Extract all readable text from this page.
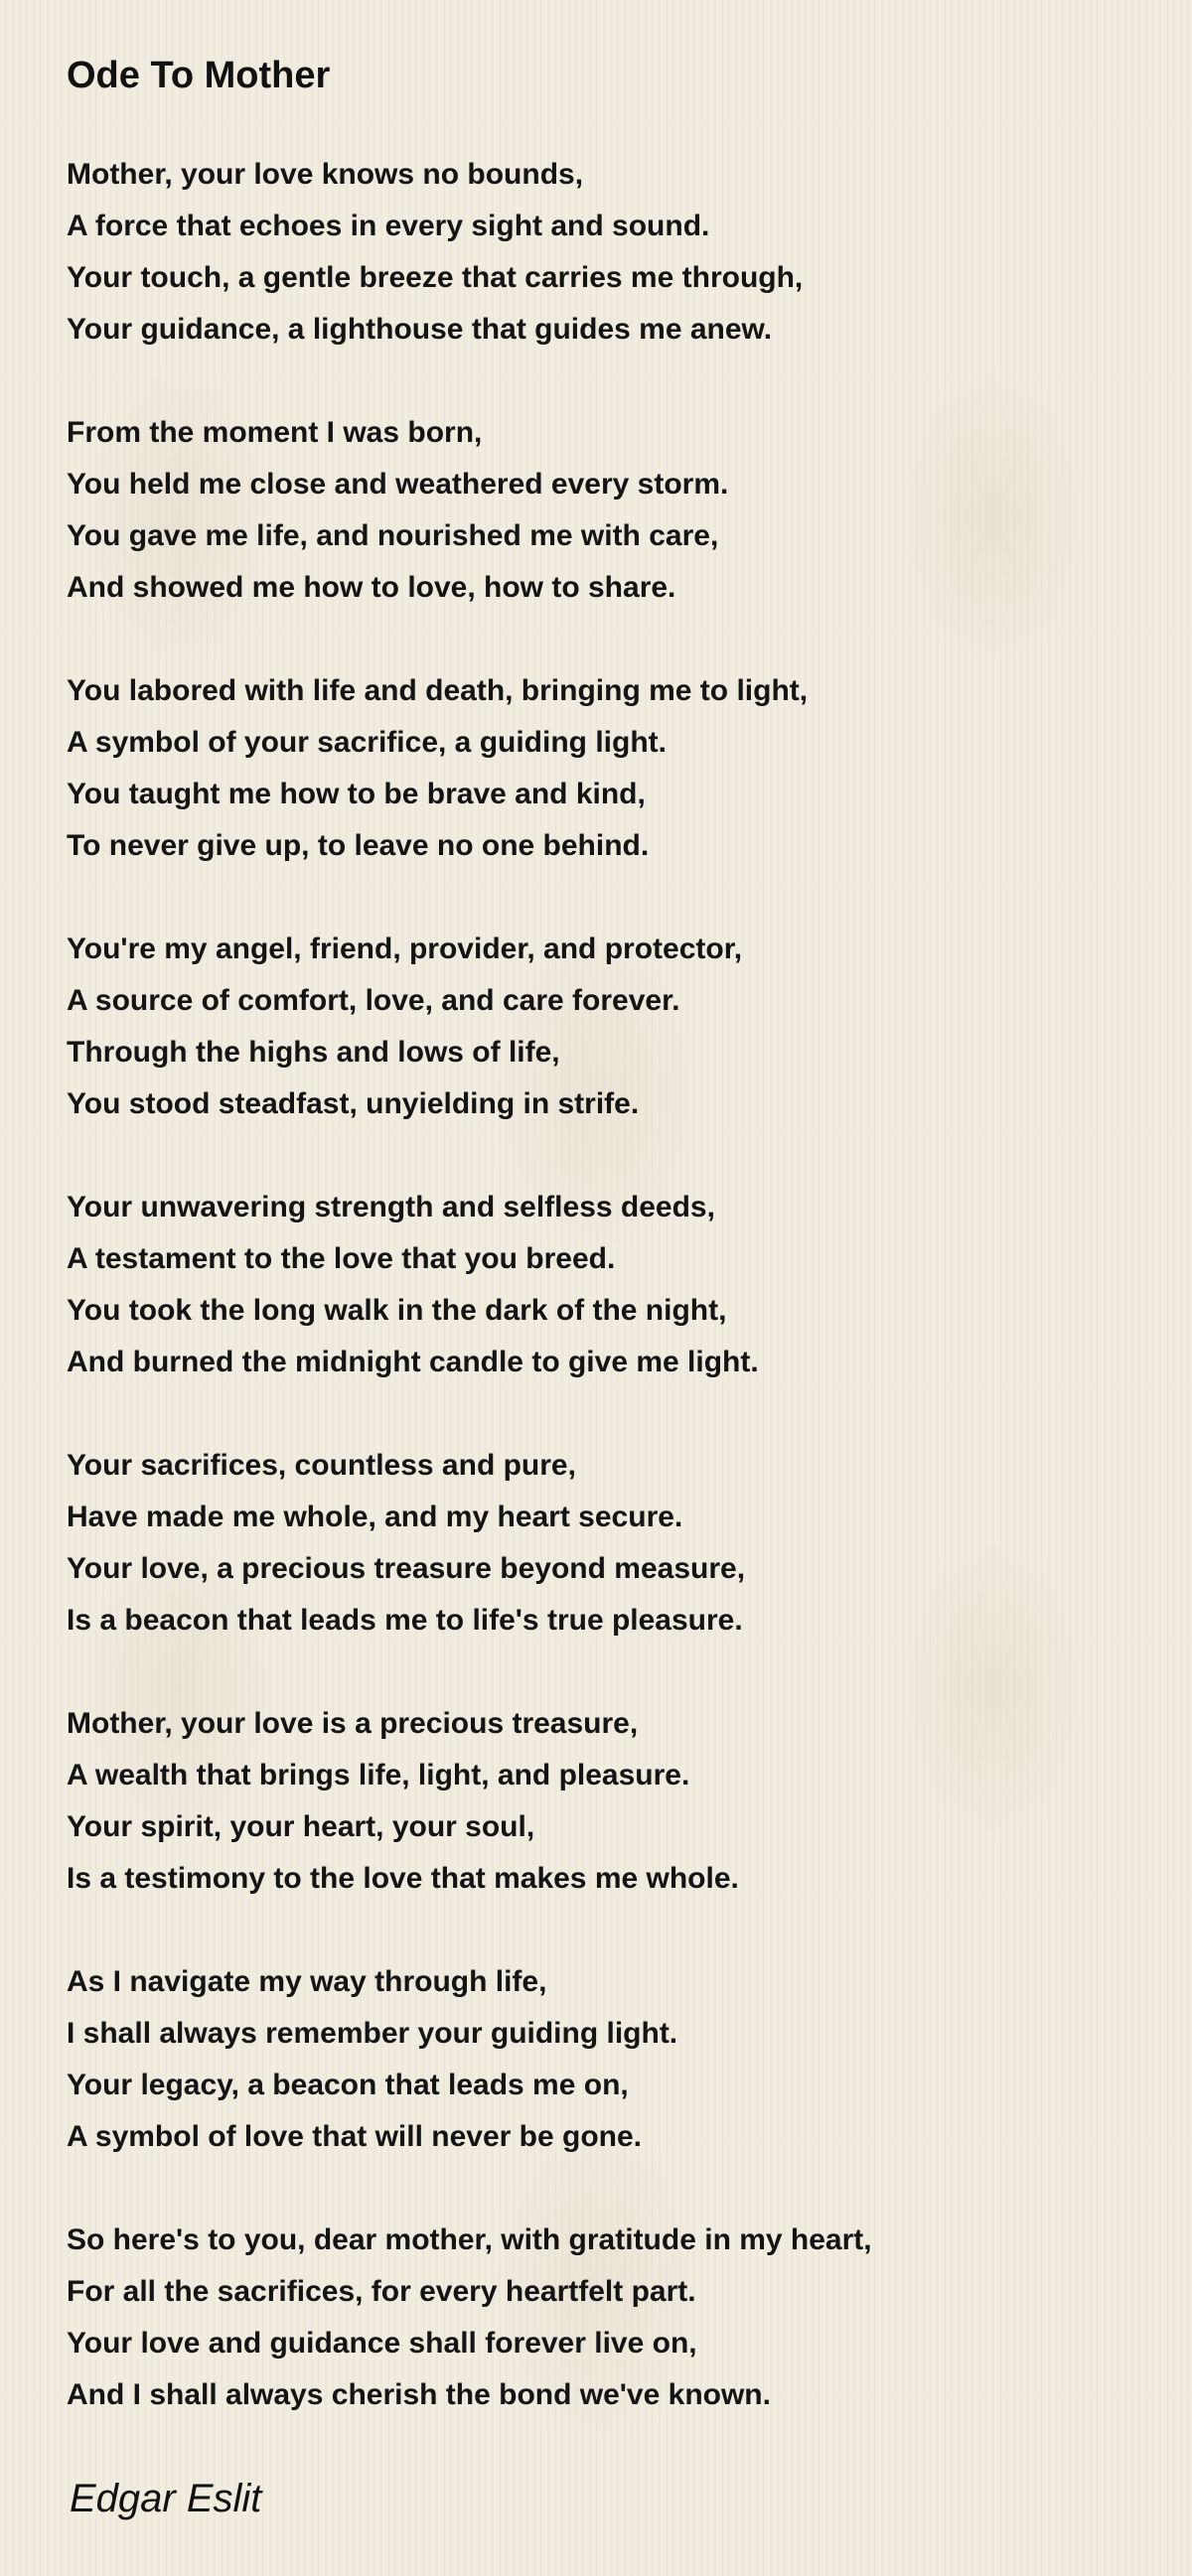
Ode To Mother
Mother, your love knows no bounds,
A force that echoes in every sight and sound.
Your touch, a gentle breeze that carries me through,
Your guidance, a lighthouse that guides me anew.
From the moment I was born,
You held me close and weathered every storm.
You gave me life, and nourished me with care,
And showed me how to love, how to share.
You labored with life and death, bringing me to light,
A symbol of your sacrifice, a guiding light.
You taught me how to be brave and kind,
To never give up, to leave no one behind.
You're my angel, friend, provider, and protector,
A source of comfort, love, and care forever.
Through the highs and lows of life,
You stood steadfast, unyielding in strife.
Your unwavering strength and selfless deeds,
A testament to the love that you breed.
You took the long walk in the dark of the night,
And burned the midnight candle to give me light.
Your sacrifices, countless and pure,
Have made me whole, and my heart secure.
Your love, a precious treasure beyond measure,
Is a beacon that leads me to life's true pleasure.
Mother, your love is a precious treasure,
A wealth that brings life, light, and pleasure.
Your spirit, your heart, your soul,
Is a testimony to the love that makes me whole.
As I navigate my way through life,
I shall always remember your guiding light.
Your legacy, a beacon that leads me on,
A symbol of love that will never be gone.
So here's to you, dear mother, with gratitude in my heart,
For all the sacrifices, for every heartfelt part.
Your love and guidance shall forever live on,
And I shall always cherish the bond we've known.
Edgar Eslit
